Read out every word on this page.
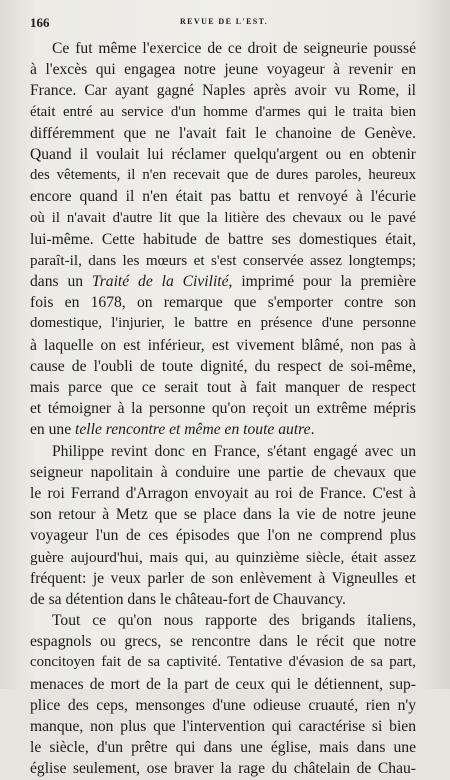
166	REVUE DE L'EST.
Ce fut même l'exercice de ce droit de seigneurie poussé
à l'excès qui engagea notre jeune voyageur à revenir en
France. Car ayant gagné Naples après avoir vu Rome, il
était entré au service d'un homme d'armes qui le traita bien
différemment que ne l'avait fait le chanoine de Genève.
Quand il voulait lui réclamer quelqu'argent ou en obtenir
des vêtements, il n'en recevait que de dures paroles, heureux
encore quand il n'en était pas battu et renvoyé à l'écurie
où il n'avait d'autre lit que la litière des chevaux ou le pavé
lui-même. Cette habitude de battre ses domestiques était,
paraît-il, dans les mœurs et s'est conservée assez longtemps;
dans un Traité de la Civilité, imprimé pour la première
fois en 1678, on remarque que s'emporter contre son
domestique, l'injurier, le battre en présence d'une personne
à laquelle on est inférieur, est vivement blâmé, non pas à
cause de l'oubli de toute dignité, du respect de soi-même,
mais parce que ce serait tout à fait manquer de respect
et témoigner à la personne qu'on reçoit un extrême mépris
en une telle rencontre et même en toute autre.
Philippe revint donc en France, s'étant engagé avec un
seigneur napolitain à conduire une partie de chevaux que
le roi Ferrand d'Arragon envoyait au roi de France. C'est à
son retour à Metz que se place dans la vie de notre jeune
voyageur l'un de ces épisodes que l'on ne comprend plus
guère aujourd'hui, mais qui, au quinzième siècle, était assez
fréquent: je veux parler de son enlèvement à Vigneulles et
de sa détention dans le château-fort de Chauvancy.
Tout ce qu'on nous rapporte des brigands italiens,
espagnols ou grecs, se rencontre dans le récit que notre
concitoyen fait de sa captivité. Tentative d'évasion de sa part,
menaces de mort de la part de ceux qui le détiennent, sup-
plice des ceps, mensonges d'une odieuse cruauté, rien n'y
manque, non plus que l'intervention qui caractérise si bien
le siècle, d'un prêtre qui dans une église, mais dans une
église seulement, ose braver la rage du châtelain de Chau-
